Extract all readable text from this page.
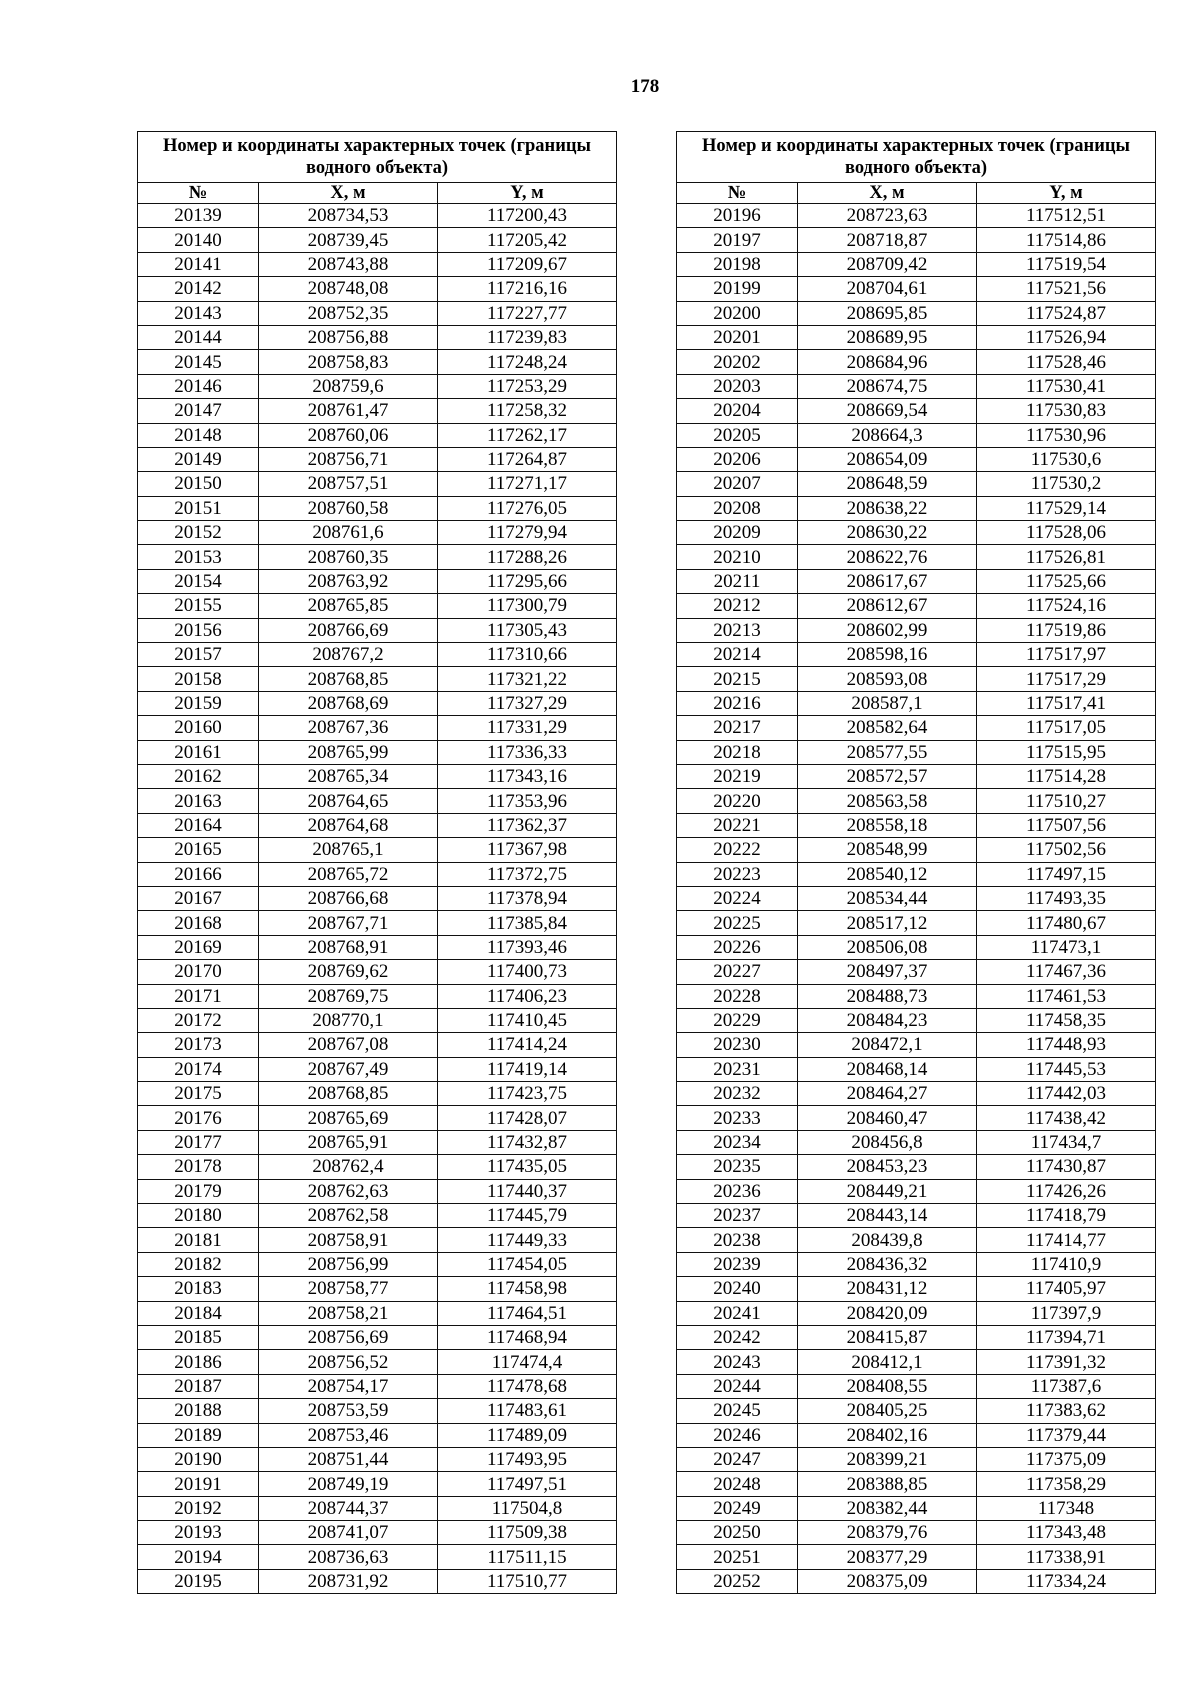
178
Номер и координаты характерных точек (границы водного объекта)		
№	X, м	Y, м
20139	208734,53	117200,43
20140	208739,45	117205,42
20141	208743,88	117209,67
20142	208748,08	117216,16
20143	208752,35	117227,77
20144	208756,88	117239,83
20145	208758,83	117248,24
20146	208759,6	117253,29
20147	208761,47	117258,32
20148	208760,06	117262,17
20149	208756,71	117264,87
20150	208757,51	117271,17
20151	208760,58	117276,05
20152	208761,6	117279,94
20153	208760,35	117288,26
20154	208763,92	117295,66
20155	208765,85	117300,79
20156	208766,69	117305,43
20157	208767,2	117310,66
20158	208768,85	117321,22
20159	208768,69	117327,29
20160	208767,36	117331,29
20161	208765,99	117336,33
20162	208765,34	117343,16
20163	208764,65	117353,96
20164	208764,68	117362,37
20165	208765,1	117367,98
20166	208765,72	117372,75
20167	208766,68	117378,94
20168	208767,71	117385,84
20169	208768,91	117393,46
20170	208769,62	117400,73
20171	208769,75	117406,23
20172	208770,1	117410,45
20173	208767,08	117414,24
20174	208767,49	117419,14
20175	208768,85	117423,75
20176	208765,69	117428,07
20177	208765,91	117432,87
20178	208762,4	117435,05
20179	208762,63	117440,37
20180	208762,58	117445,79
20181	208758,91	117449,33
20182	208756,99	117454,05
20183	208758,77	117458,98
20184	208758,21	117464,51
20185	208756,69	117468,94
20186	208756,52	117474,4
20187	208754,17	117478,68
20188	208753,59	117483,61
20189	208753,46	117489,09
20190	208751,44	117493,95
20191	208749,19	117497,51
20192	208744,37	117504,8
20193	208741,07	117509,38
20194	208736,63	117511,15
20195	208731,92	117510,77
Номер и координаты характерных точек (границы водного объекта)		
№	X, м	Y, м
20196	208723,63	117512,51
20197	208718,87	117514,86
20198	208709,42	117519,54
20199	208704,61	117521,56
20200	208695,85	117524,87
20201	208689,95	117526,94
20202	208684,96	117528,46
20203	208674,75	117530,41
20204	208669,54	117530,83
20205	208664,3	117530,96
20206	208654,09	117530,6
20207	208648,59	117530,2
20208	208638,22	117529,14
20209	208630,22	117528,06
20210	208622,76	117526,81
20211	208617,67	117525,66
20212	208612,67	117524,16
20213	208602,99	117519,86
20214	208598,16	117517,97
20215	208593,08	117517,29
20216	208587,1	117517,41
20217	208582,64	117517,05
20218	208577,55	117515,95
20219	208572,57	117514,28
20220	208563,58	117510,27
20221	208558,18	117507,56
20222	208548,99	117502,56
20223	208540,12	117497,15
20224	208534,44	117493,35
20225	208517,12	117480,67
20226	208506,08	117473,1
20227	208497,37	117467,36
20228	208488,73	117461,53
20229	208484,23	117458,35
20230	208472,1	117448,93
20231	208468,14	117445,53
20232	208464,27	117442,03
20233	208460,47	117438,42
20234	208456,8	117434,7
20235	208453,23	117430,87
20236	208449,21	117426,26
20237	208443,14	117418,79
20238	208439,8	117414,77
20239	208436,32	117410,9
20240	208431,12	117405,97
20241	208420,09	117397,9
20242	208415,87	117394,71
20243	208412,1	117391,32
20244	208408,55	117387,6
20245	208405,25	117383,62
20246	208402,16	117379,44
20247	208399,21	117375,09
20248	208388,85	117358,29
20249	208382,44	117348
20250	208379,76	117343,48
20251	208377,29	117338,91
20252	208375,09	117334,24
